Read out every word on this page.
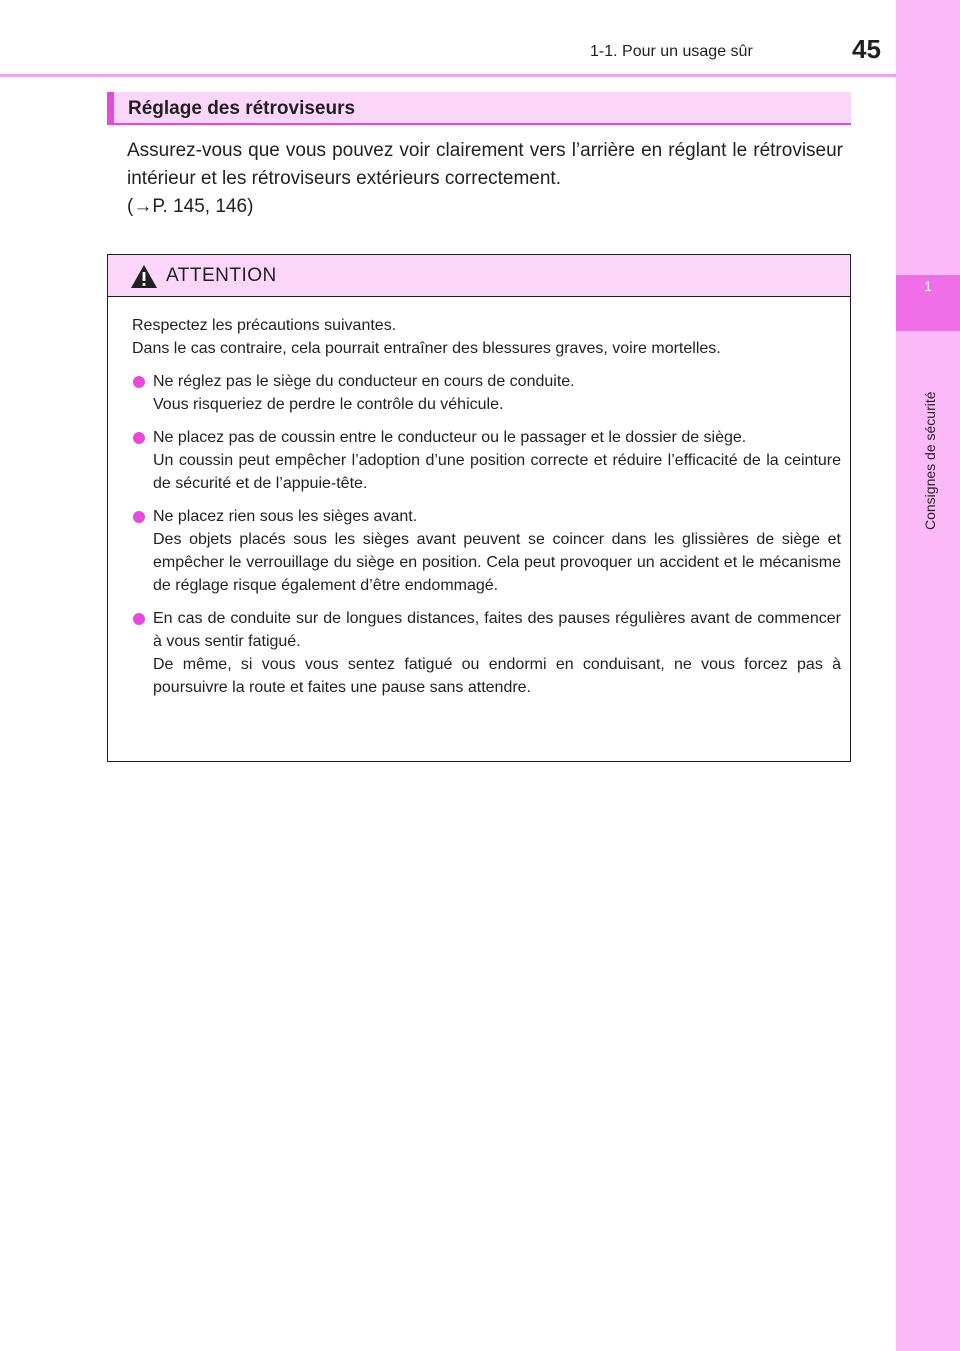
1-1. Pour un usage sûr	45
1
Consignes de sécurité
Réglage des rétroviseurs

Assurez-vous que vous pouvez voir clairement vers l’arrière en réglant le rétroviseur intérieur et les rétroviseurs extérieurs correctement.

(→P. 145, 146)

ATTENTION

Respectez les précautions suivantes.

Dans le cas contraire, cela pourrait entraîner des blessures graves, voire mortelles.

Ne réglez pas le siège du conducteur en cours de conduite.
Vous risqueriez de perdre le contrôle du véhicule.
Ne placez pas de coussin entre le conducteur ou le passager et le dossier de siège.
Un coussin peut empêcher l’adoption d’une position correcte et réduire l’efficacité de la ceinture de sécurité et de l’appuie-tête.
Ne placez rien sous les sièges avant.
Des objets placés sous les sièges avant peuvent se coincer dans les glissières de siège et empêcher le verrouillage du siège en position. Cela peut provoquer un accident et le mécanisme de réglage risque également d’être endommagé.
En cas de conduite sur de longues distances, faites des pauses régulières avant de commencer à vous sentir fatigué.
De même, si vous vous sentez fatigué ou endormi en conduisant, ne vous forcez pas à poursuivre la route et faites une pause sans attendre.
